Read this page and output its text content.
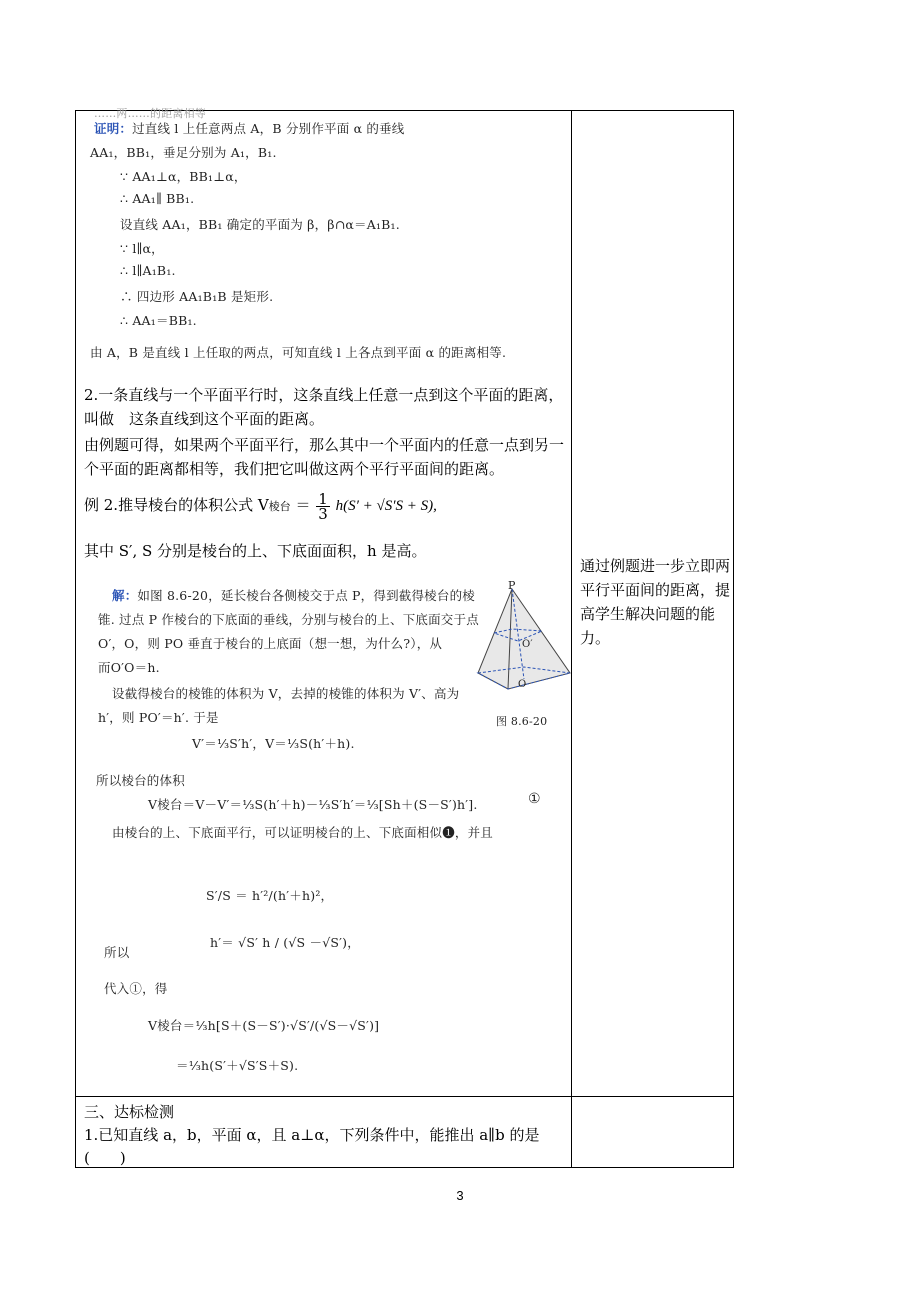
……两……的距离相等
证明：过直线 l 上任意两点 A，B 分别作平面 α 的垂线
AA₁，BB₁，垂足分别为 A₁，B₁.
∵ AA₁⊥α，BB₁⊥α，
∴ AA₁∥ BB₁.
设直线 AA₁，BB₁ 确定的平面为 β，β∩α＝A₁B₁.
∵ l∥α，
∴ l∥A₁B₁.
∴ 四边形 AA₁B₁B 是矩形.
∴ AA₁＝BB₁.
由 A，B 是直线 l 上任取的两点，可知直线 l 上各点到平面 α 的距离相等.
2.一条直线与一个平面平行时，这条直线上任意一点到这个平面的距离，叫做　这条直线到这个平面的距离。
由例题可得，如果两个平面平行，那么其中一个平面内的任意一点到另一个平面的距离都相等，我们把它叫做这两个平行平面间的距离。
例 2.推导棱台的体积公式 V棱台 ＝ $\frac{1}{3} h(S' + √S'S + S)$,
其中 S′, S 分别是棱台的上、下底面面积，h 是高。
解：如图 8.6-20，延长棱台各侧棱交于点 P，得到截得棱台的棱
锥. 过点 P 作棱台的下底面的垂线，分别与棱台的上、下底面交于点
O′，O，则 PO 垂直于棱台的上底面（想一想，为什么?），从
而O′O＝h.
设截得棱台的棱锥的体积为 V，去掉的棱锥的体积为 V′、高为
h′，则 PO′＝h′. 于是
V′＝⅓S′h′，V＝⅓S(h′＋h).
P
O′
O
图 8.6-20
所以棱台的体积
V棱台＝V－V′＝⅓S(h′＋h)－⅓S′h′＝⅓[Sh＋(S－S′)h′].	①
由棱台的上、下底面平行，可以证明棱台的上、下底面相似❶，并且
S′/S ＝ h′²/(h′＋h)²，
所以
h′＝ √S′ h / (√S －√S′)，
代入①，得
V棱台＝⅓h[S＋(S－S′)·√S′/(√S－√S′)]
＝⅓h(S′＋√S′S＋S).
三、达标检测
1.已知直线 a，b，平面 α，且 a⊥α，下列条件中，能推出 a∥b 的是
(　　)
通过例题进一步立即两平行平面间的距离，提高学生解决问题的能力。
3
